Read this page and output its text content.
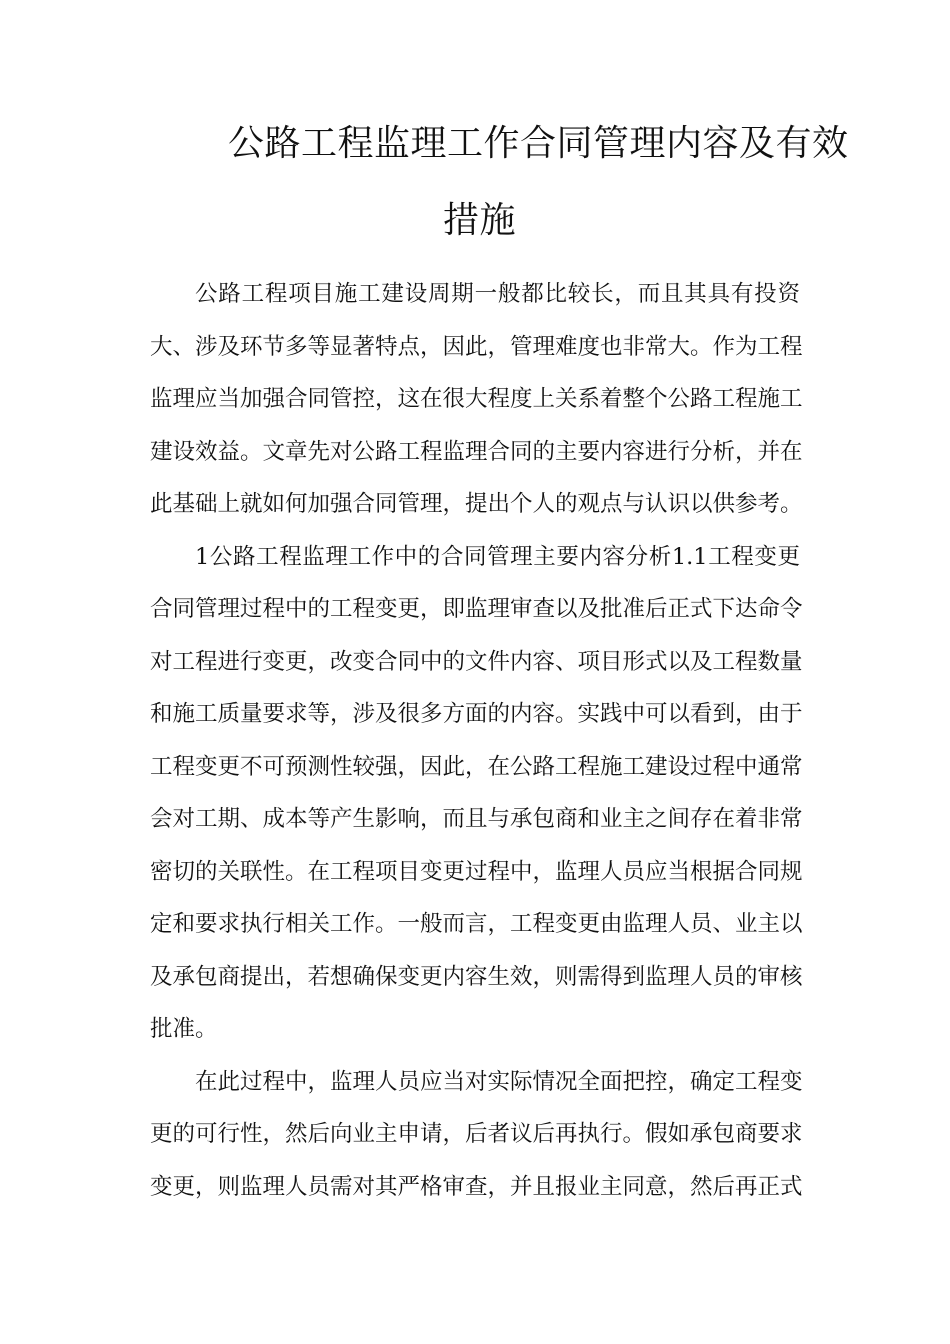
公路工程监理工作合同管理内容及有效
措施
公路工程项目施工建设周期一般都比较长，而且其具有投资
大、涉及环节多等显著特点，因此，管理难度也非常大。作为工程
监理应当加强合同管控，这在很大程度上关系着整个公路工程施工
建设效益。文章先对公路工程监理合同的主要内容进行分析，并在
此基础上就如何加强合同管理，提出个人的观点与认识以供参考。
1公路工程监理工作中的合同管理主要内容分析1.1工程变更
合同管理过程中的工程变更，即监理审查以及批准后正式下达命令
对工程进行变更，改变合同中的文件内容、项目形式以及工程数量
和施工质量要求等，涉及很多方面的内容。实践中可以看到，由于
工程变更不可预测性较强，因此，在公路工程施工建设过程中通常
会对工期、成本等产生影响，而且与承包商和业主之间存在着非常
密切的关联性。在工程项目变更过程中，监理人员应当根据合同规
定和要求执行相关工作。一般而言，工程变更由监理人员、业主以
及承包商提出，若想确保变更内容生效，则需得到监理人员的审核
批准。
在此过程中，监理人员应当对实际情况全面把控，确定工程变
更的可行性，然后向业主申请，后者议后再执行。假如承包商要求
变更，则监理人员需对其严格审查，并且报业主同意，然后再正式
